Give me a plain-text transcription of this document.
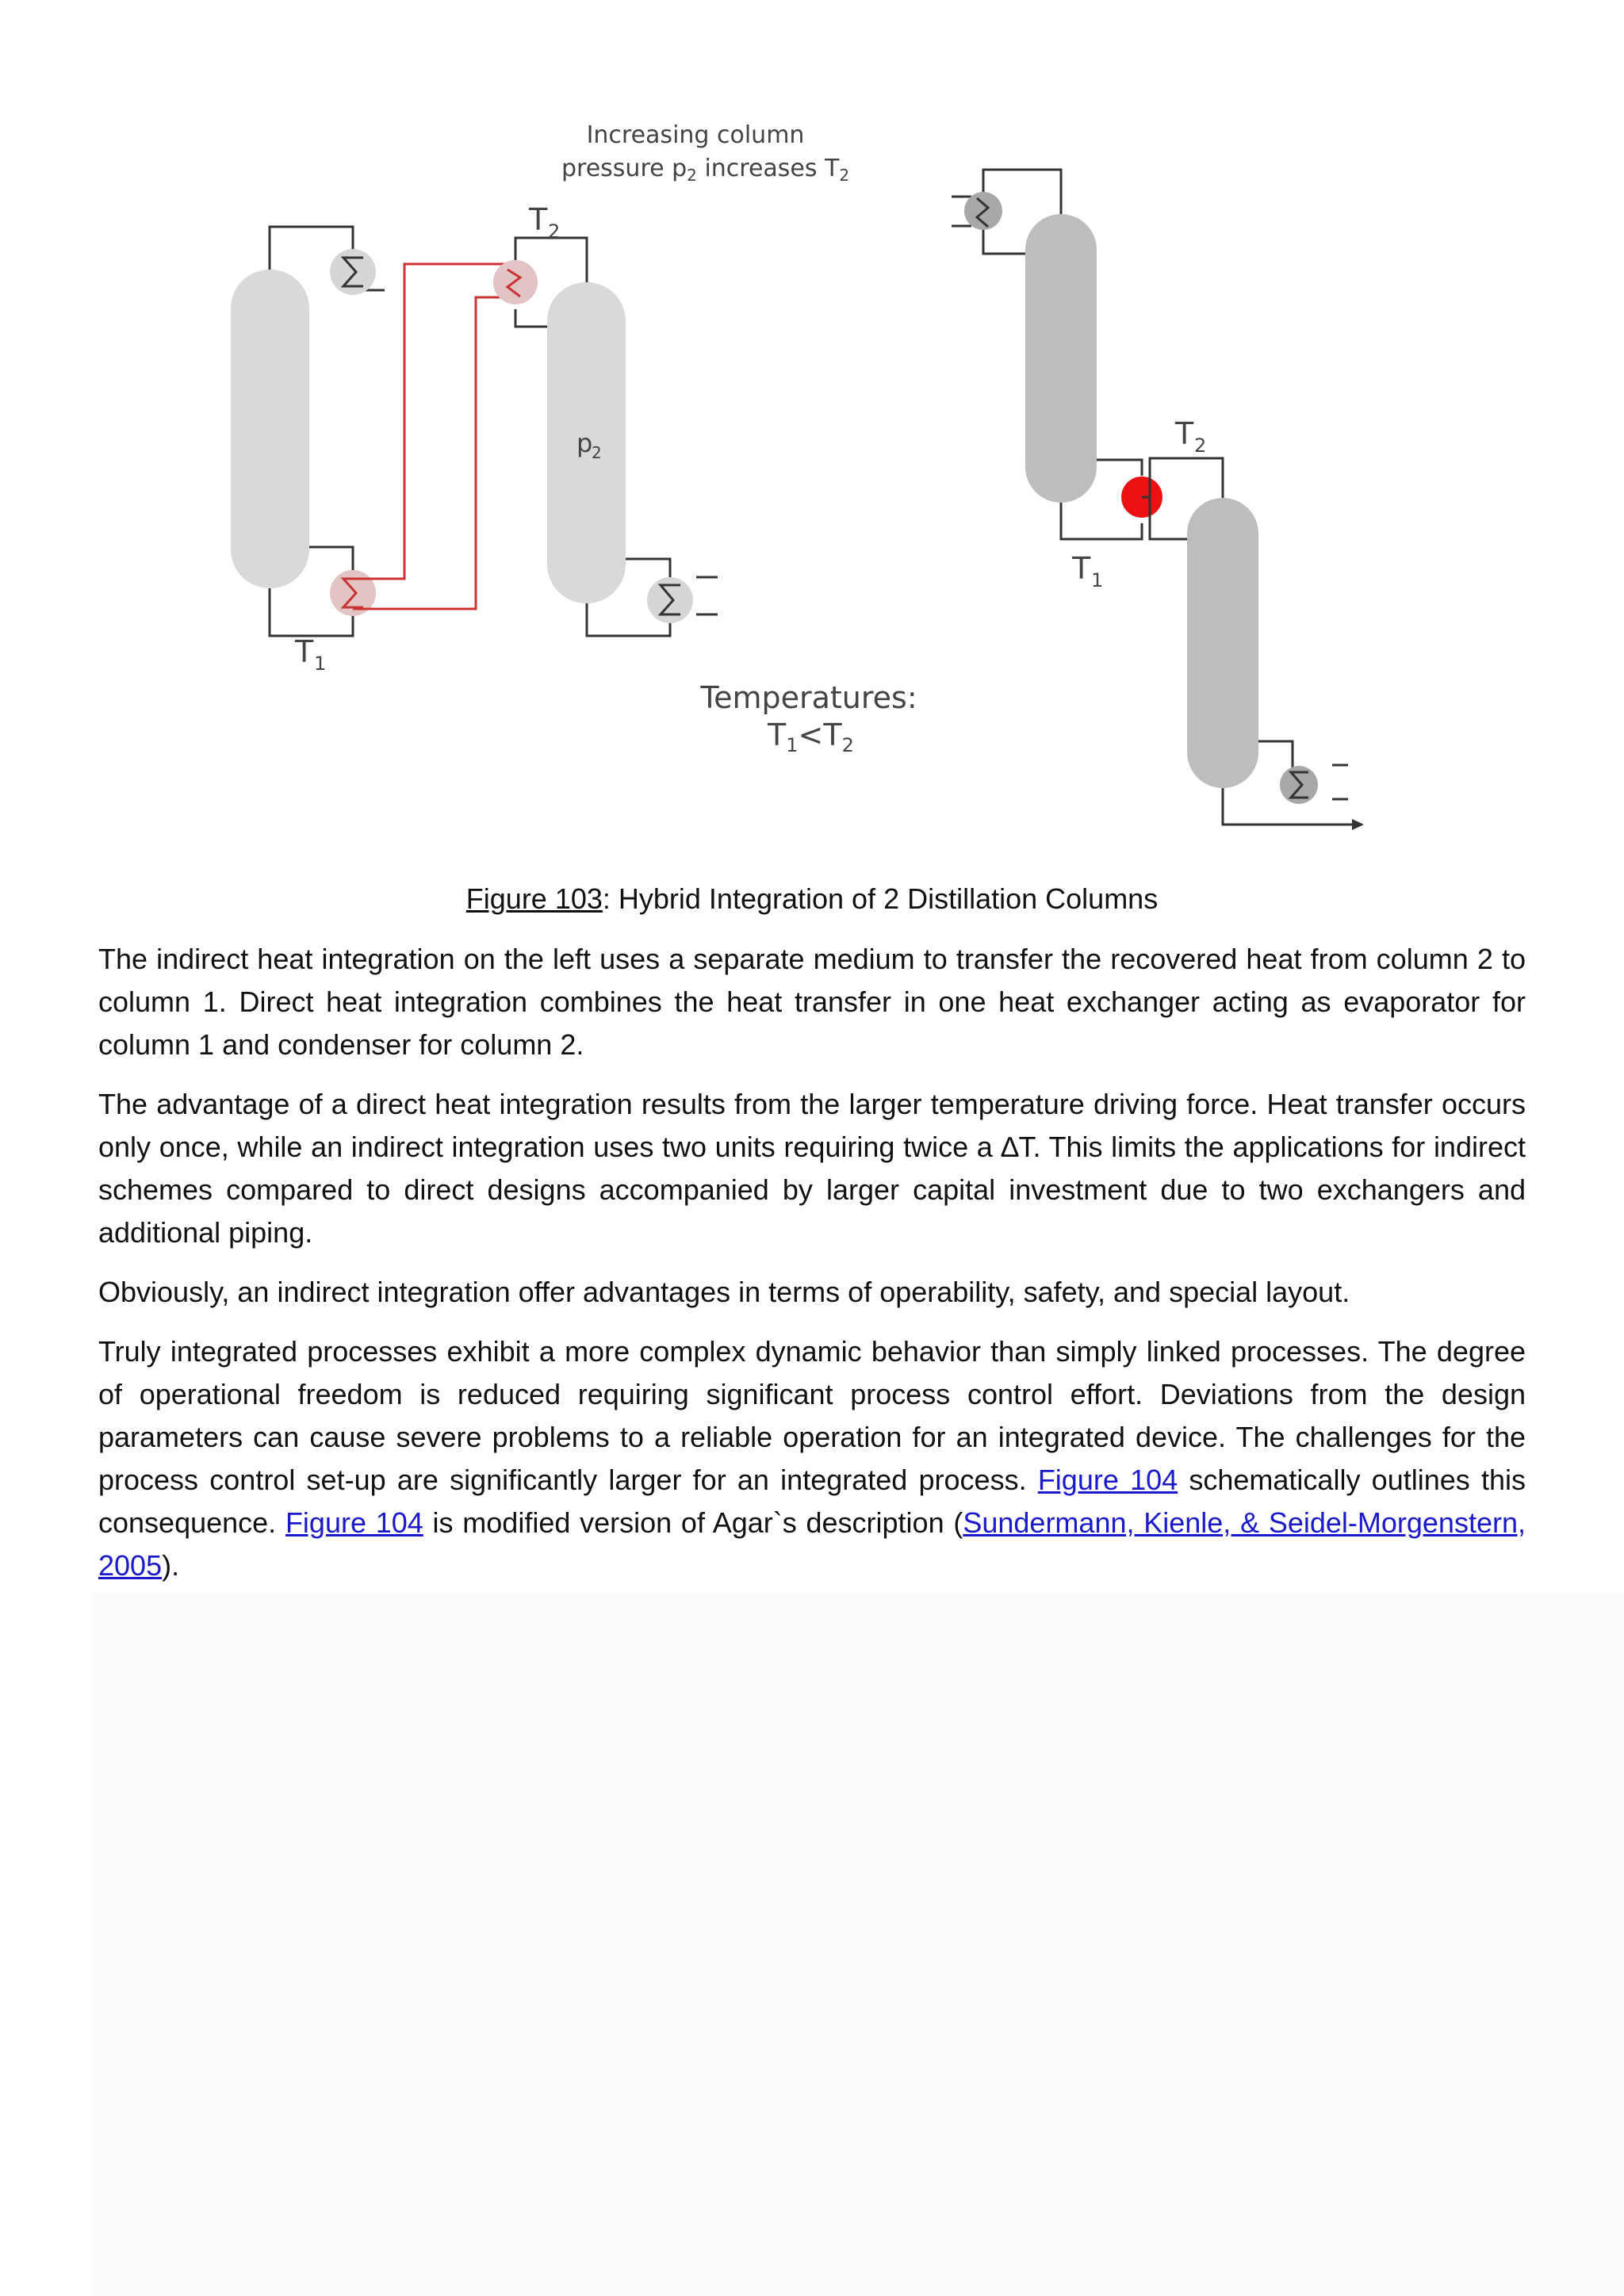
T 1
T 2
p
2
Increasing column
pressure $p_2$ increases $T_2$
T 1
T 2
Temperatures:
$T_1<T_2$
Figure 103: Hybrid Integration of 2 Distillation Columns

The indirect heat integration on the left uses a separate medium to transfer the recovered heat from column 2 to column 1. Direct heat integration combines the heat transfer in one heat exchanger acting as evaporator for column 1 and condenser for column 2.

The advantage of a direct heat integration results from the larger temperature driving force. Heat transfer occurs only once, while an indirect integration uses two units requiring twice a ∆T. This limits the applications for indirect schemes compared to direct designs accompanied by larger capital investment due to two exchangers and additional piping.

Obviously, an indirect integration offer advantages in terms of operability, safety, and special layout.

Truly integrated processes exhibit a more complex dynamic behavior than simply linked processes. The degree of operational freedom is reduced requiring significant process control effort. Deviations from the design parameters can cause severe problems to a reliable operation for an integrated device. The challenges for the process control set-up are significantly larger for an integrated process. Figure 104 schematically outlines this consequence. Figure 104 is modified version of Agar`s description (Sundermann, Kienle, & Seidel-Morgenstern, 2005).
